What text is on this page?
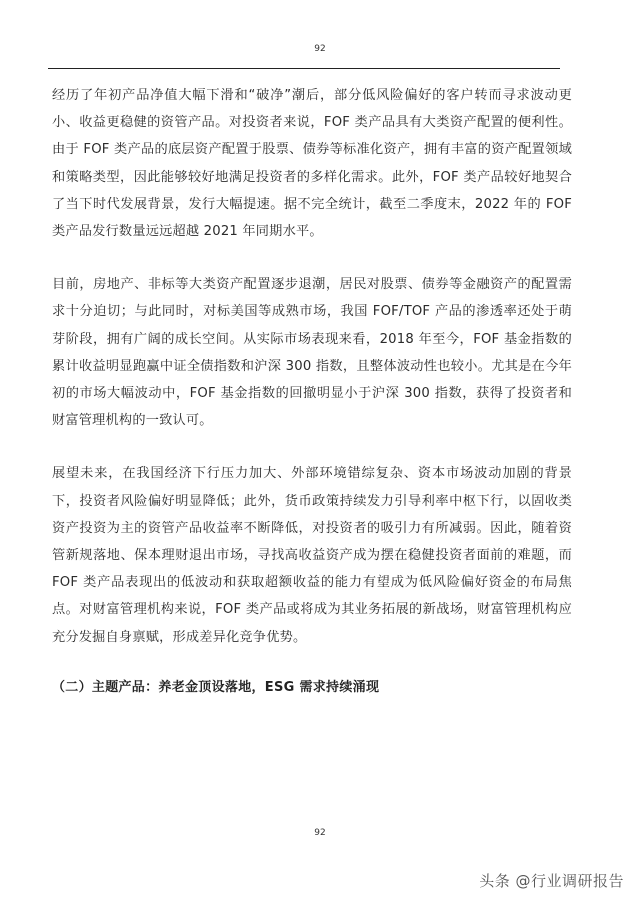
92

经历了年初产品净值大幅下滑和“破净”潮后，部分低风险偏好的客户转而寻求波动更小、收益更稳健的资管产品。对投资者来说，FOF 类产品具有大类资产配置的便利性。由于 FOF 类产品的底层资产配置于股票、债券等标准化资产，拥有丰富的资产配置领域和策略类型，因此能够较好地满足投资者的多样化需求。此外，FOF 类产品较好地契合了当下时代发展背景，发行大幅提速。据不完全统计，截至二季度末，2022 年的 FOF 类产品发行数量远远超越 2021 年同期水平。

目前，房地产、非标等大类资产配置逐步退潮，居民对股票、债券等金融资产的配置需求十分迫切；与此同时，对标美国等成熟市场，我国 FOF/TOF 产品的渗透率还处于萌芽阶段，拥有广阔的成长空间。从实际市场表现来看，2018 年至今，FOF 基金指数的累计收益明显跑赢中证全债指数和沪深 300 指数，且整体波动性也较小。尤其是在今年初的市场大幅波动中，FOF 基金指数的回撤明显小于沪深 300 指数，获得了投资者和财富管理机构的一致认可。

展望未来，在我国经济下行压力加大、外部环境错综复杂、资本市场波动加剧的背景下，投资者风险偏好明显降低；此外，货币政策持续发力引导利率中枢下行，以固收类资产投资为主的资管产品收益率不断降低，对投资者的吸引力有所减弱。因此，随着资管新规落地、保本理财退出市场，寻找高收益资产成为摆在稳健投资者面前的难题，而 FOF 类产品表现出的低波动和获取超额收益的能力有望成为低风险偏好资金的布局焦点。对财富管理机构来说，FOF 类产品或将成为其业务拓展的新战场，财富管理机构应充分发掘自身禀赋，形成差异化竞争优势。

（二）主题产品：养老金顶设落地，ESG 需求持续涌现
92
头条 @行业调研报告
